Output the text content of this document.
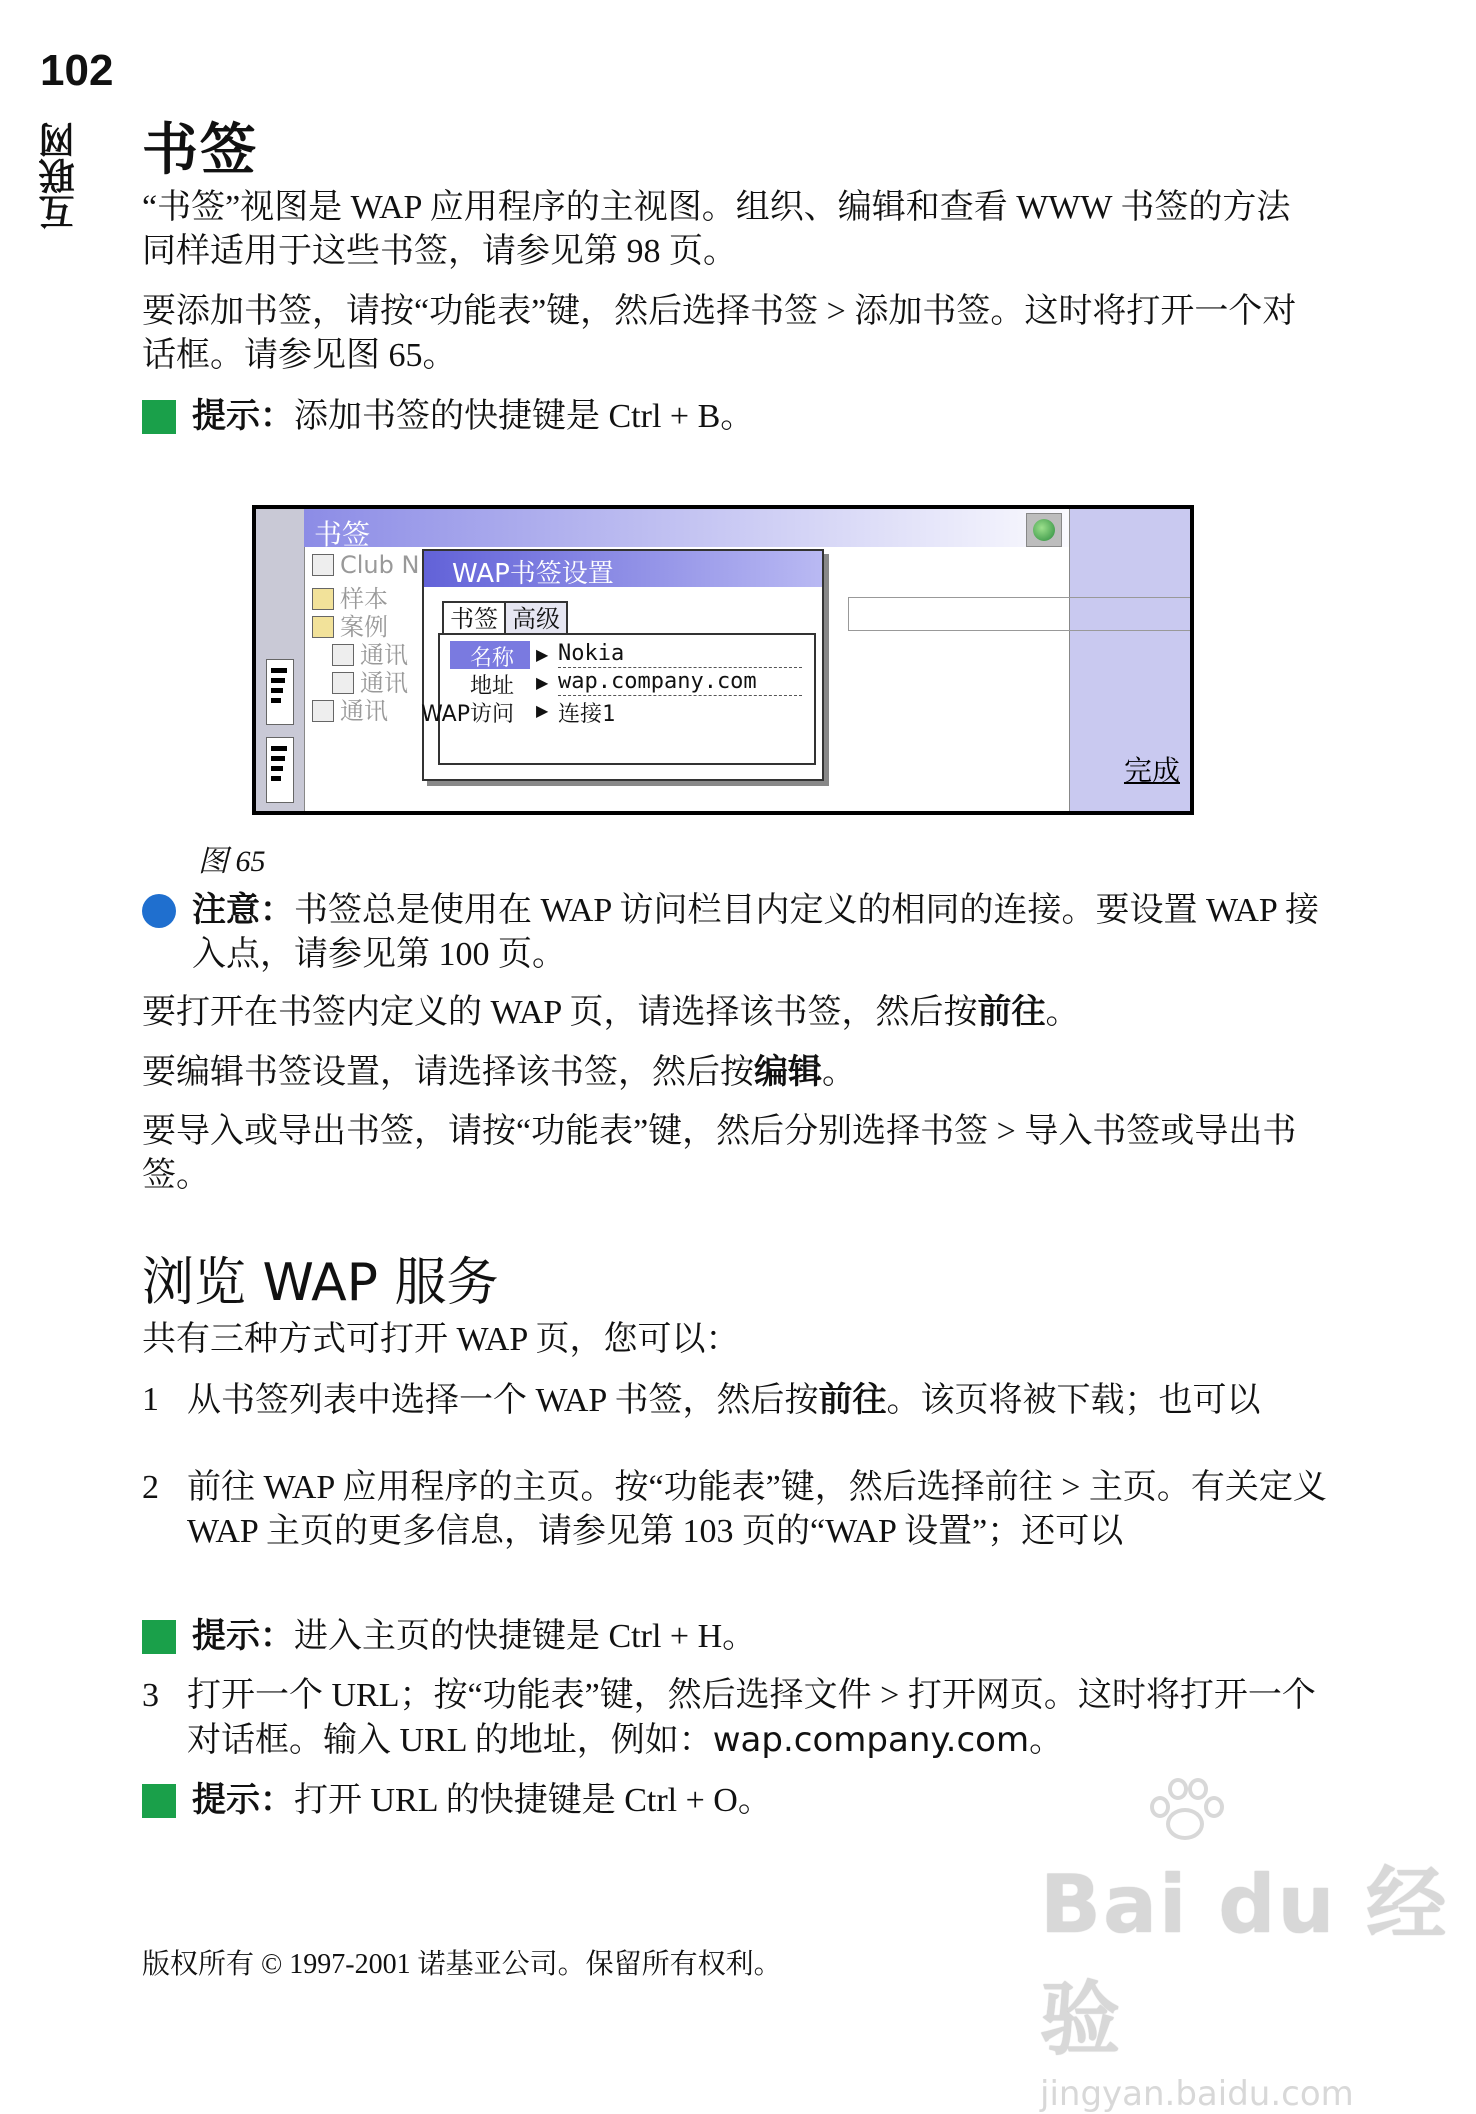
102
互联网 书签
“书签”视图是 WAP 应用程序的主视图。组织、编辑和查看 WWW 书签的方法同样适用于这些书签，请参见第 98 页。
要添加书签，请按“功能表”键，然后选择书签 > 添加书签。这时将打开一个对话框。请参见图 65。
提示：添加书签的快捷键是 Ctrl + B。
书签
完成
Club N
样本
案例
通讯
通讯
通讯
WAP书签设置
书签 高级
名称 ▶ Nokia
地址 ▶ wap.company.com
WAP访问 ▶ 连接1
图 65
注意：书签总是使用在 WAP 访问栏目内定义的相同的连接。要设置 WAP 接入点，请参见第 100 页。
要打开在书签内定义的 WAP 页，请选择该书签，然后按前往。
要编辑书签设置，请选择该书签，然后按编辑。
要导入或导出书签，请按“功能表”键，然后分别选择书签 > 导入书签或导出书签。
浏览 WAP 服务
共有三种方式可打开 WAP 页，您可以：
1 从书签列表中选择一个 WAP 书签，然后按前往。该页将被下载；也可以
2 前往 WAP 应用程序的主页。按“功能表”键，然后选择前往 > 主页。有关定义 WAP 主页的更多信息，请参见第 103 页的“WAP 设置”；还可以
提示：进入主页的快捷键是 Ctrl + H。
3 打开一个 URL；按“功能表”键，然后选择文件 > 打开网页。这时将打开一个对话框。输入 URL 的地址，例如：wap.company.com。
提示：打开 URL 的快捷键是 Ctrl + O。
版权所有 © 1997-2001 诺基亚公司。保留所有权利。
Bai du 经验
jingyan.baidu.com
